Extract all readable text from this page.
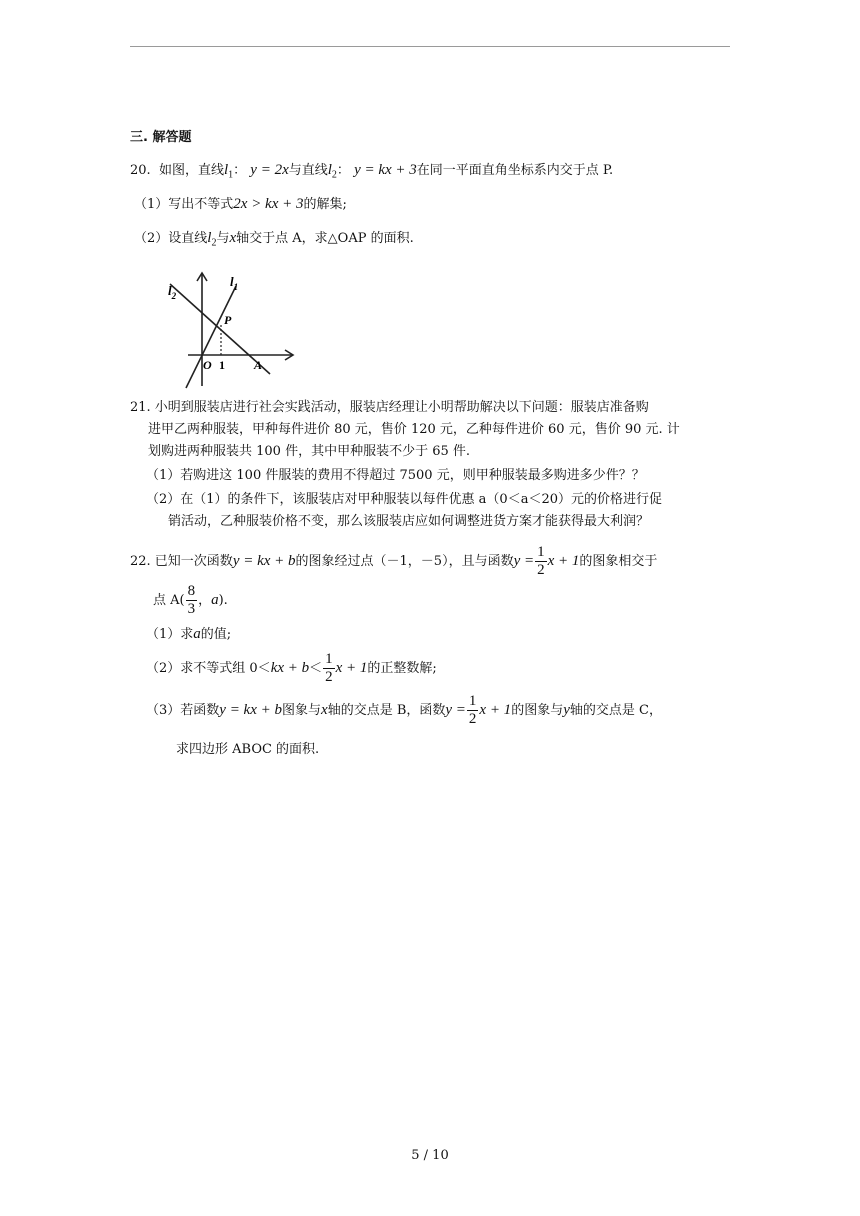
三. 解答题
20. 如图，直线$l_1$： y = 2x与直线$l_2$： y = kx + 3在同一平面直角坐标系内交于点 P.
（1）写出不等式2x > kx + 3的解集;
（2）设直线$l_2$与x轴交于点 A，求△OAP 的面积.
$l_2$
$l_1$
P
O 1 A
21. 小明到服装店进行社会实践活动，服装店经理让小明帮助解决以下问题：服装店准备购
进甲乙两种服装，甲种每件进价 80 元，售价 120 元，乙种每件进价 60 元，售价 90 元. 计
划购进两种服装共 100 件，其中甲种服装不少于 65 件.
（1）若购进这 100 件服装的费用不得超过 7500 元，则甲种服装最多购进多少件？？
（2）在（1）的条件下，该服装店对甲种服装以每件优惠 a（0＜a＜20）元的价格进行促
销活动，乙种服装价格不变，那么该服装店应如何调整进货方案才能获得最大利润？
22. 已知一次函数y = kx + b的图象经过点（－1，－5），且与函数$y = \frac{1}{2}$ x + 1的图象相交于
点 $A( \frac{8}{3}$ ，a).
（1）求a的值;
（2）求不等式组 $0<kx + b< \frac{1}{2}$ x + 1的正整数解;
（3）若函数y = kx + b图象与x轴的交点是 B，函数$y = \frac{1}{2}$ x + 1的图象与y轴的交点是 C，
求四边形 ABOC 的面积.
5 / 10
